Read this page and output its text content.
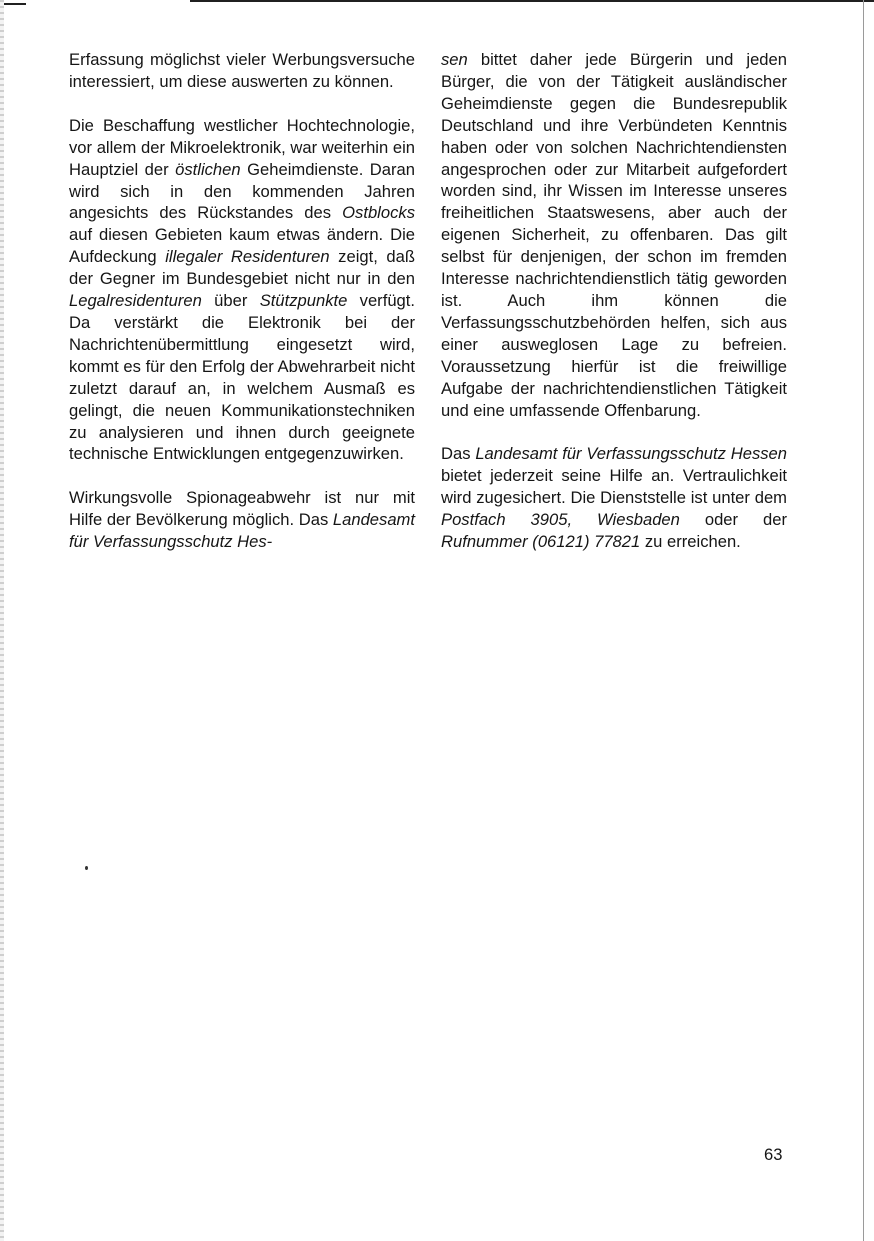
Erfassung möglichst vieler Werbungsversuche interessiert, um diese auswerten zu können.

Die Beschaffung westlicher Hochtechnologie, vor allem der Mikroelektronik, war weiterhin ein Hauptziel der östlichen Geheimdienste. Daran wird sich in den kommenden Jahren angesichts des Rückstandes des Ostblocks auf diesen Gebieten kaum etwas ändern. Die Aufdeckung illegaler Residenturen zeigt, daß der Gegner im Bundesgebiet nicht nur in den Legalresidenturen über Stützpunkte verfügt. Da verstärkt die Elektronik bei der Nachrichtenübermittlung eingesetzt wird, kommt es für den Erfolg der Abwehrarbeit nicht zuletzt darauf an, in welchem Ausmaß es gelingt, die neuen Kommunikationstechniken zu analysieren und ihnen durch geeignete technische Entwicklungen entgegenzuwirken.

Wirkungsvolle Spionageabwehr ist nur mit Hilfe der Bevölkerung möglich. Das Landesamt für Verfassungsschutz Hes-

sen bittet daher jede Bürgerin und jeden Bürger, die von der Tätigkeit ausländischer Geheimdienste gegen die Bundesrepublik Deutschland und ihre Verbündeten Kenntnis haben oder von solchen Nachrichtendiensten angesprochen oder zur Mitarbeit aufgefordert worden sind, ihr Wissen im Interesse unseres freiheitlichen Staatswesens, aber auch der eigenen Sicherheit, zu offenbaren. Das gilt selbst für denjenigen, der schon im fremden Interesse nachrichtendienstlich tätig geworden ist. Auch ihm können die Verfassungsschutzbehörden helfen, sich aus einer ausweglosen Lage zu befreien. Voraussetzung hierfür ist die freiwillige Aufgabe der nachrichtendienstlichen Tätigkeit und eine umfassende Offenbarung.

Das Landesamt für Verfassungsschutz Hessen bietet jederzeit seine Hilfe an. Vertraulichkeit wird zugesichert. Die Dienststelle ist unter dem Postfach 3905, Wiesbaden oder der Rufnummer (06121) 77821 zu erreichen.

63
